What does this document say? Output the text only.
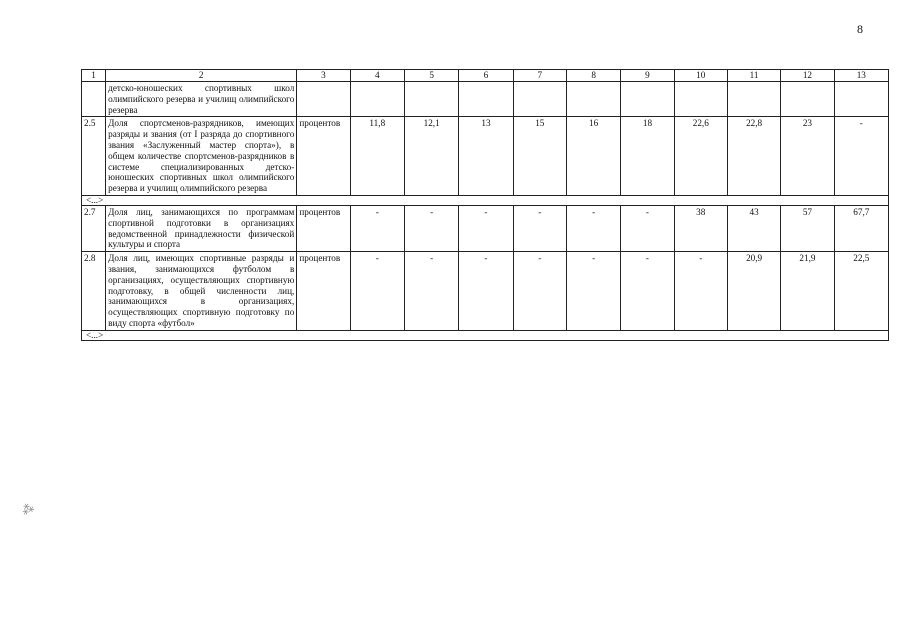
8
1	2	3	4	5	6	7	8	9	10	11	12	13
	детско-юношеских спортивных школ олимпийского резерва и училищ олимпийского резерва											
2.5	Доля спортсменов-разрядников, имеющих разряды и звания (от I разряда до спортивного звания «Заслуженный мастер спорта»), в общем количестве спортсменов-разрядников в системе специализированных детско-юношеских спортивных школ олимпийского резерва и училищ олимпийского резерва	процентов	11,8	12,1	13	15	16	18	22,6	22,8	23	-
<...>												
2.7	Доля лиц, занимающихся по программам спортивной подготовки в организациях ведомственной принадлежности физической культуры и спорта	процентов	-	-	-	-	-	-	38	43	57	67,7
2.8	Доля лиц, имеющих спортивные разряды и звания, занимающихся футболом в организациях, осуществляющих спортивную подготовку, в общей численности лиц, занимающихся в организациях, осуществляющих спортивную подготовку по виду спорта «футбол»	процентов	-	-	-	-	-	-	-	20,9	21,9	22,5
<...>												
⁂
